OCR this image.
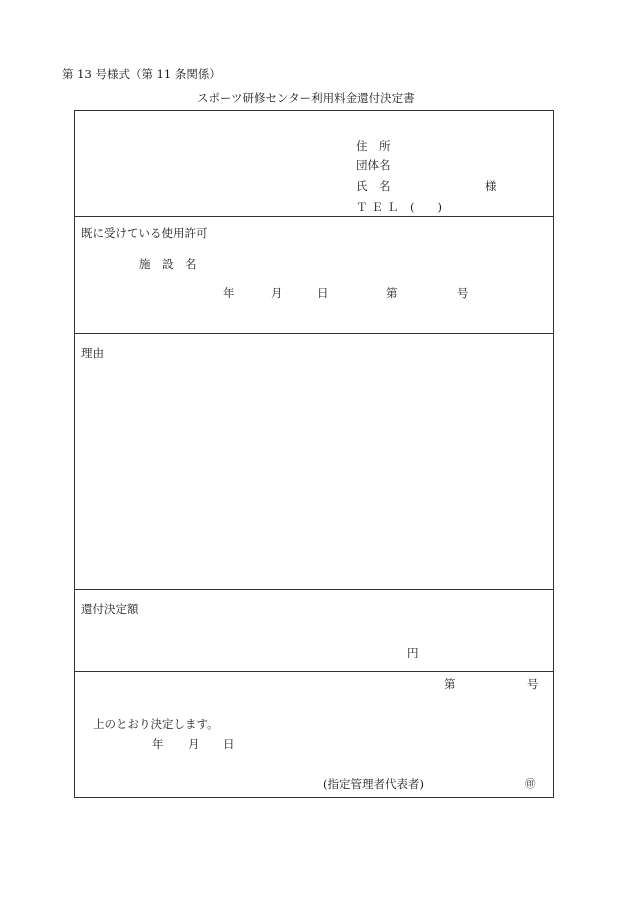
第 13 号様式（第 11 条関係）
スポーツ研修センター利用料金還付決定書
住　所
団体名
氏　名	様
ＴＥＬ (　　)
既に受けている使用許可
施　設　名
年	月	日	第	号
理由
還付決定額
円
第	号
上のとおり決定します。
年 月 日
(指定管理者代表者)	㊞
